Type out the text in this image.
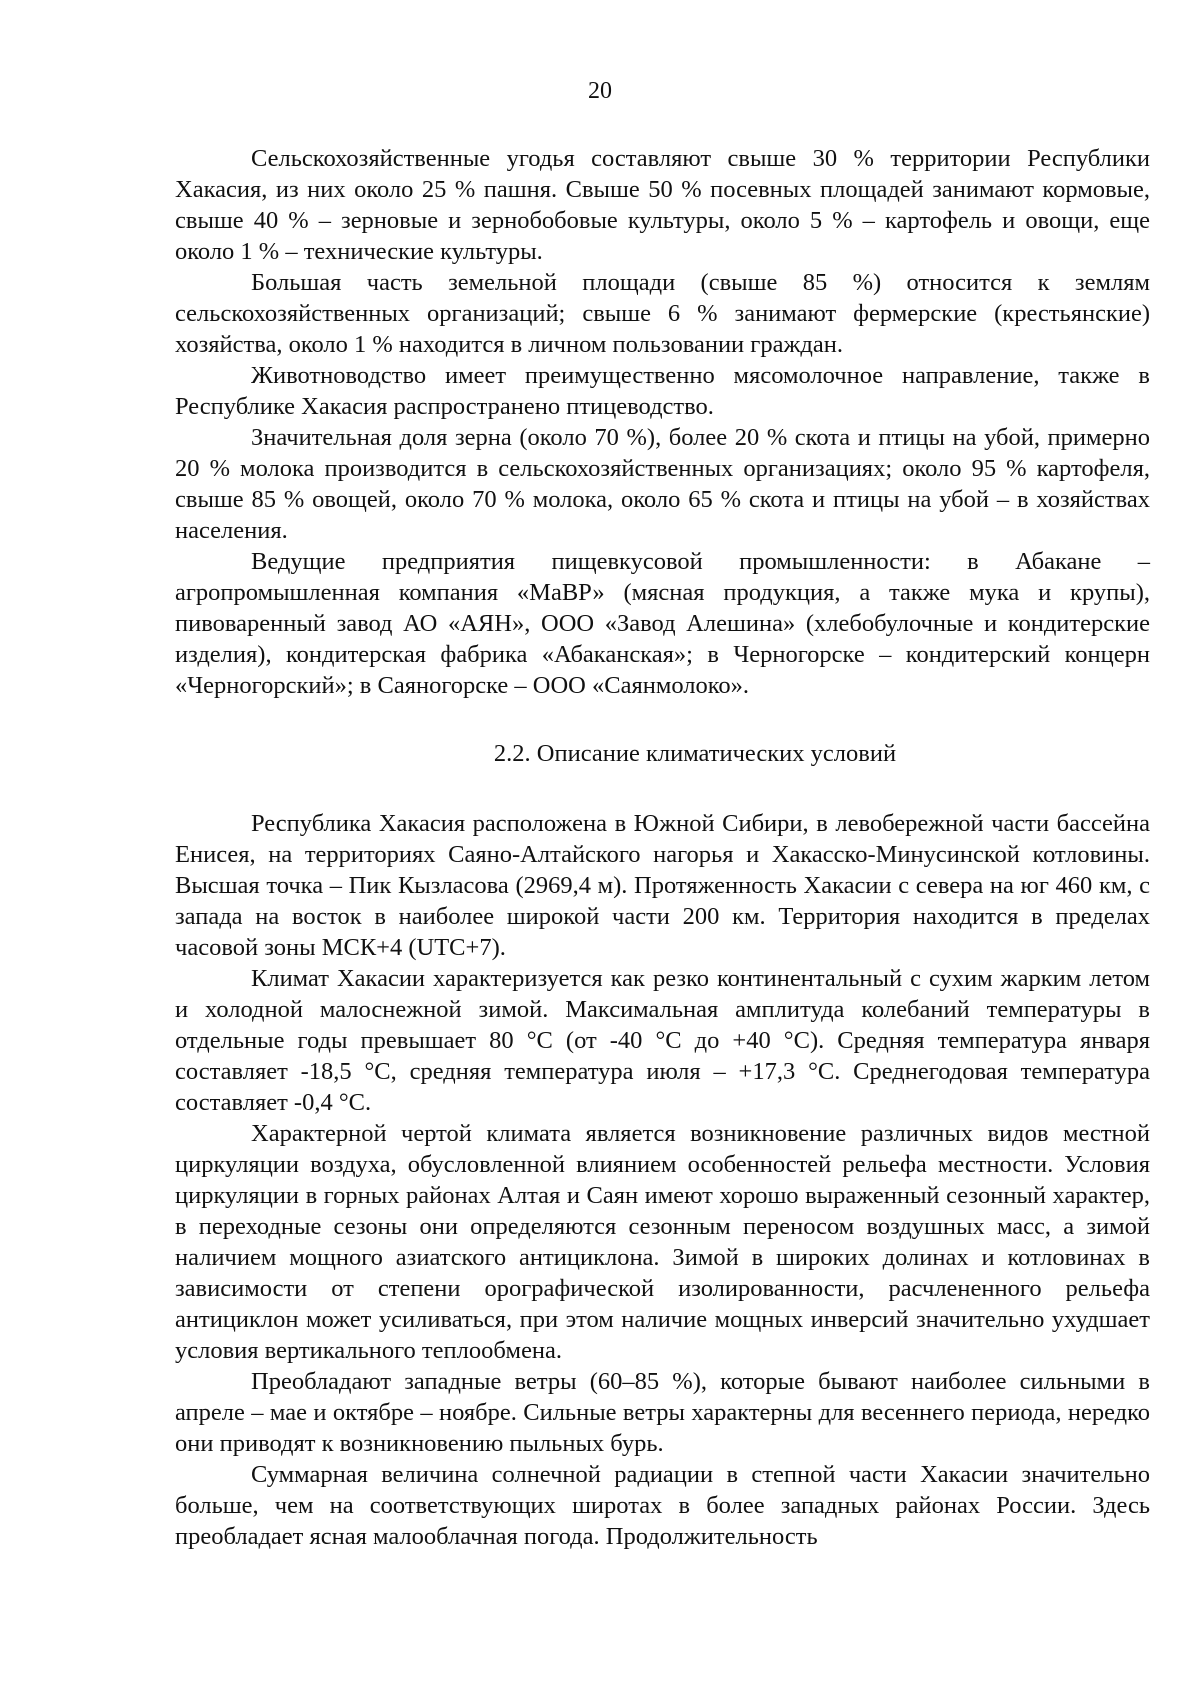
20

Сельскохозяйственные угодья составляют свыше 30 % территории Республики Хакасия, из них около 25 % пашня. Свыше 50 % посевных площадей занимают кормовые, свыше 40 % – зерновые и зернобобовые культуры, около 5 % – картофель и овощи, еще около 1 % – технические культуры.

Большая часть земельной площади (свыше 85 %) относится к землям сельскохозяйственных организаций; свыше 6 % занимают фермерские (крестьянские) хозяйства, около 1 % находится в личном пользовании граждан.

Животноводство имеет преимущественно мясомолочное направление, также в Республике Хакасия распространено птицеводство.

Значительная доля зерна (около 70 %), более 20 % скота и птицы на убой, примерно 20 % молока производится в сельскохозяйственных организациях; около 95 % картофеля, свыше 85 % овощей, около 70 % молока, около 65 % скота и птицы на убой – в хозяйствах населения.

Ведущие предприятия пищевкусовой промышленности: в Абакане – агропромышленная компания «МаВР» (мясная продукция, а также мука и крупы), пивоваренный завод АО «АЯН», ООО «Завод Алешина» (хлебобулочные и кондитерские изделия), кондитерская фабрика «Абаканская»; в Черногорске – кондитерский концерн «Черногорский»; в Саяногорске – ООО «Саянмолоко».

2.2. Описание климатических условий

Республика Хакасия расположена в Южной Сибири, в левобережной части бассейна Енисея, на территориях Саяно-Алтайского нагорья и Хакасско-Минусинской котловины. Высшая точка – Пик Кызласова (2969,4 м). Протяженность Хакасии с севера на юг 460 км, с запада на восток в наиболее широкой части 200 км. Территория находится в пределах часовой зоны МСК+4 (UTC+7).

Климат Хакасии характеризуется как резко континентальный с сухим жарким летом и холодной малоснежной зимой. Максимальная амплитуда колебаний температуры в отдельные годы превышает 80 °C (от -40 °C до +40 °C). Средняя температура января составляет -18,5 °C, средняя температура июля – +17,3 °C. Среднегодовая температура составляет -0,4 °C.

Характерной чертой климата является возникновение различных видов местной циркуляции воздуха, обусловленной влиянием особенностей рельефа местности. Условия циркуляции в горных районах Алтая и Саян имеют хорошо выраженный сезонный характер, в переходные сезоны они определяются сезонным переносом воздушных масс, а зимой наличием мощного азиатского антициклона. Зимой в широких долинах и котловинах в зависимости от степени орографической изолированности, расчлененного рельефа антициклон может усиливаться, при этом наличие мощных инверсий значительно ухудшает условия вертикального теплообмена.

Преобладают западные ветры (60–85 %), которые бывают наиболее сильными в апреле – мае и октябре – ноябре. Сильные ветры характерны для весеннего периода, нередко они приводят к возникновению пыльных бурь.

Суммарная величина солнечной радиации в степной части Хакасии значительно больше, чем на соответствующих широтах в более западных районах России. Здесь преобладает ясная малооблачная погода. Продолжительность
